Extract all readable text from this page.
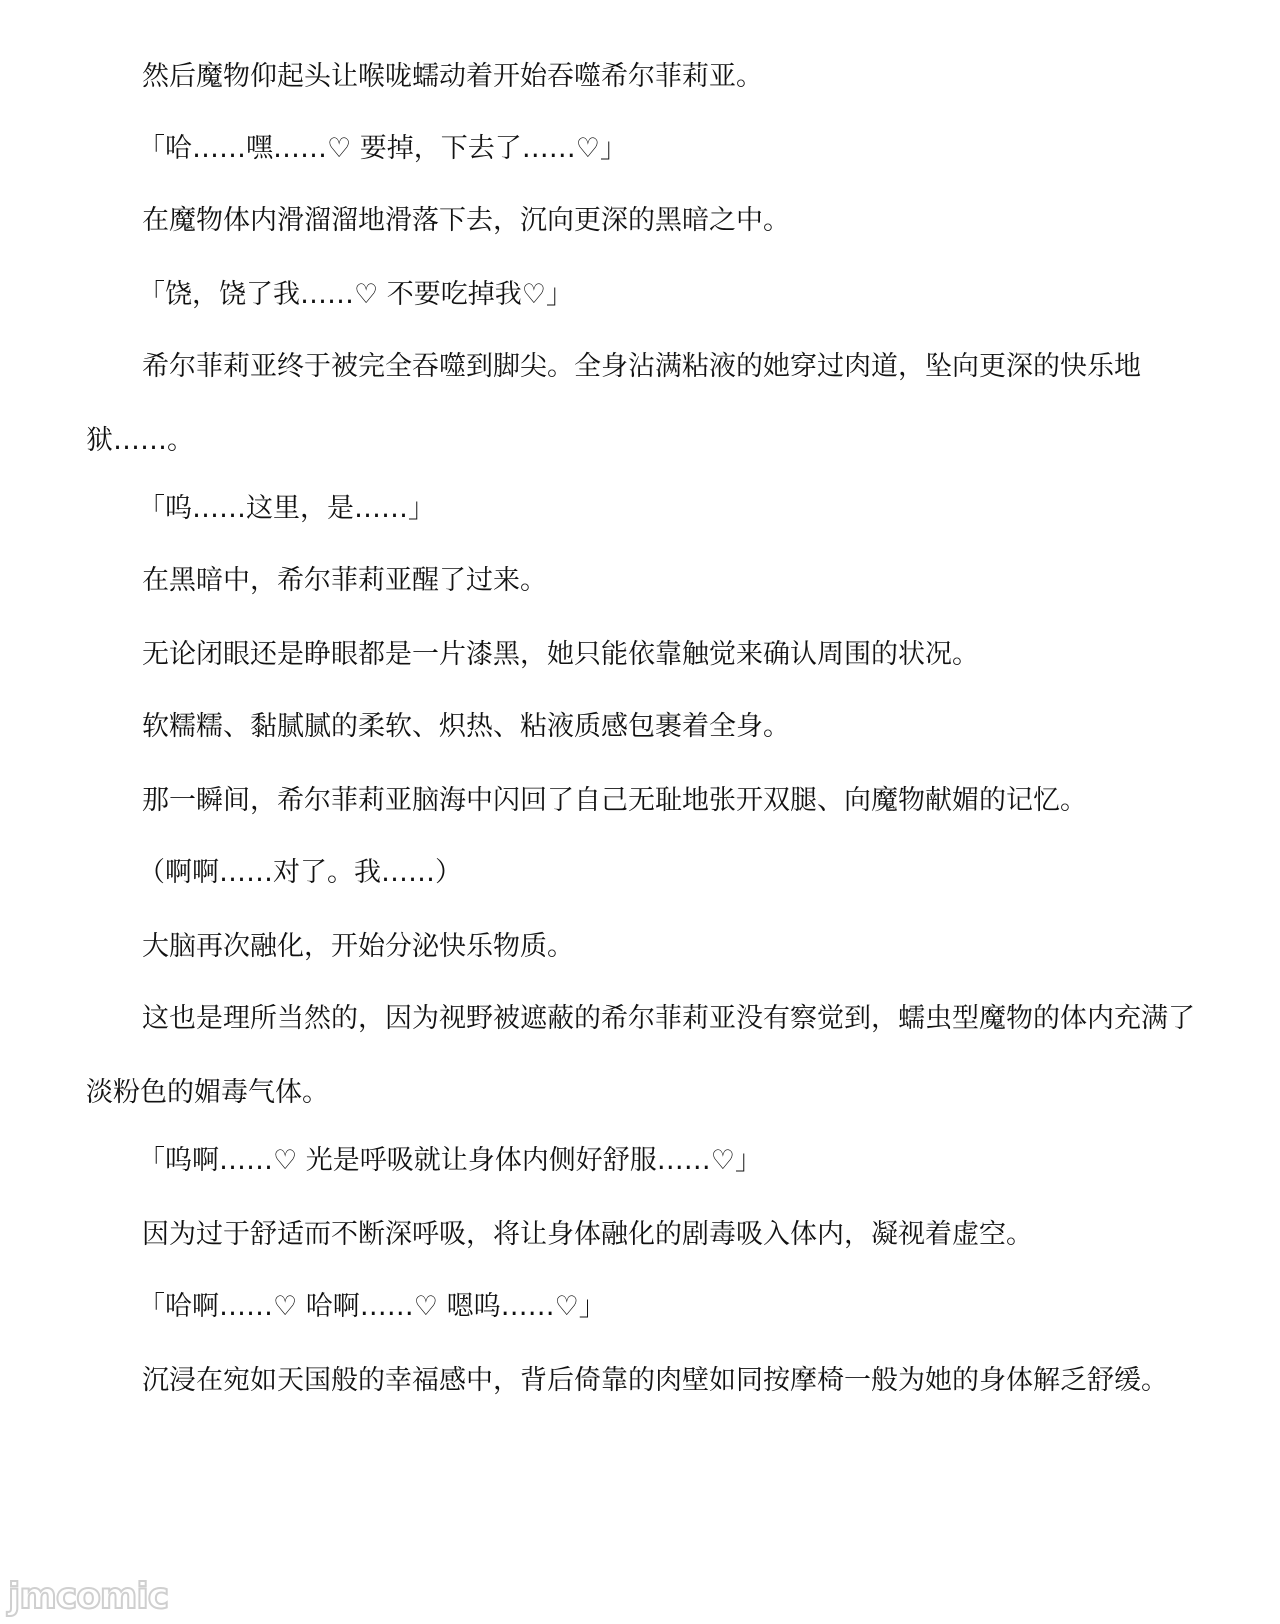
然后魔物仰起头让喉咙蠕动着开始吞噬希尔菲莉亚。

「哈……嘿……♡ 要掉，下去了……♡」

在魔物体内滑溜溜地滑落下去，沉向更深的黑暗之中。

「饶，饶了我……♡ 不要吃掉我♡」

希尔菲莉亚终于被完全吞噬到脚尖。全身沾满粘液的她穿过肉道，坠向更深的快乐地狱……。

「呜……这里，是……」

在黑暗中，希尔菲莉亚醒了过来。

无论闭眼还是睁眼都是一片漆黑，她只能依靠触觉来确认周围的状况。

软糯糯、黏腻腻的柔软、炽热、粘液质感包裹着全身。

那一瞬间，希尔菲莉亚脑海中闪回了自己无耻地张开双腿、向魔物献媚的记忆。

（啊啊……对了。我……）

大脑再次融化，开始分泌快乐物质。

这也是理所当然的，因为视野被遮蔽的希尔菲莉亚没有察觉到，蠕虫型魔物的体内充满了淡粉色的媚毒气体。

「呜啊……♡ 光是呼吸就让身体内侧好舒服……♡」

因为过于舒适而不断深呼吸，将让身体融化的剧毒吸入体内，凝视着虚空。

「哈啊……♡ 哈啊……♡ 嗯呜……♡」

沉浸在宛如天国般的幸福感中，背后倚靠的肉壁如同按摩椅一般为她的身体解乏舒缓。

jmcomic
